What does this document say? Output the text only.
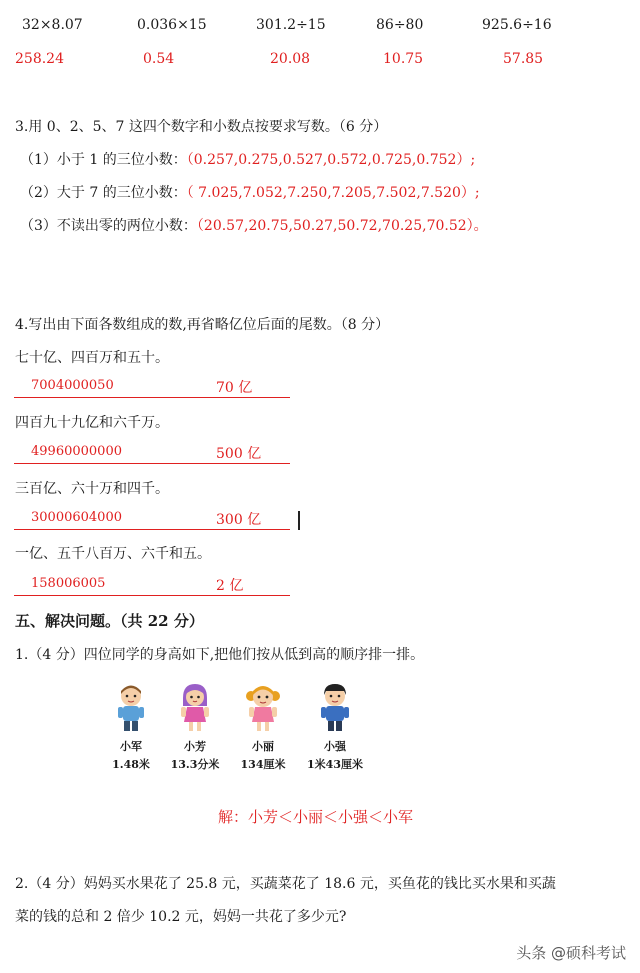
32×8.07	0.036×15	301.2÷15	86÷80	925.6÷16
258.24	0.54	20.08	10.75	57.85
3.用 0、2、5、7 这四个数字和小数点按要求写数。（6 分）
（1）小于 1 的三位小数：（0.257,0.275,0.527,0.572,0.725,0.752）;
（2）大于 7 的三位小数：（ 7.025,7.052,7.250,7.205,7.502,7.520）;
（3）不读出零的两位小数：（20.57,20.75,50.27,50.72,70.25,70.52）。
4.写出由下面各数组成的数,再省略亿位后面的尾数。（8 分）
七十亿、四百万和五十。
7004000050	70 亿
四百九十九亿和六千万。
49960000000	500 亿
三百亿、六十万和四千。
30000604000	300 亿
一亿、五千八百万、六千和五。
158006005	2 亿
五、解决问题。（共 22 分）
1.（4 分）四位同学的身高如下,把他们按从低到高的顺序排一排。
小军
1.48米
小芳
13.3分米
小丽
134厘米
小强
1米43厘米
解：小芳＜小丽＜小强＜小军
2.（4 分）妈妈买水果花了 25.8 元，买蔬菜花了 18.6 元，买鱼花的钱比买水果和买蔬
菜的钱的总和 2 倍少 10.2 元，妈妈一共花了多少元?
头条 @硕科考试
